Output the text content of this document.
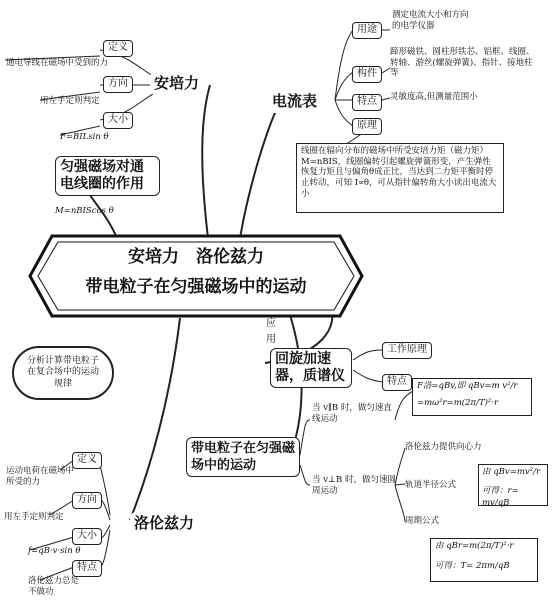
安培力　洛伦兹力
带电粒子在匀强磁场中的运动
安培力
定义
通电导线在磁场中受到的力
方向
用左手定则判定
大小
F=BILsin θ
匀强磁场对通电线圈的作用
M=nBIScos θ
电流表
用途
测定电流大小和方向的电学仪器
构件
蹄形磁铁、圆柱形铁芯、铝框、线圈、转轴、游丝(螺旋弹簧)、指针、接地柱等
特点	灵敏度高,但测量范围小
原理
线圈在辐向分布的磁场中所受安培力矩（磁力矩）M=nBIS，线圈偏转引起螺旋弹簧形变，产生弹性恢复力矩且与偏角θ成正比，当达到二力矩平衡时停止转动，可知 I∝θ，可从指针偏转角大小读出电流大小
应用
回旋加速器，质谱仪
工作原理
特点
分析计算带电粒子在复合场中的运动规律
带电粒子在匀强磁场中的运动
当 v∥B 时，做匀速直线运动
当 v⊥B 时，做匀速圆周运动
F洛=qBv,即 qBv=m v²/r
=mω²r=m(2π/T)²·r
洛伦兹力提供向心力
轨道半径公式
由 qBv=mv²/r
可得：r= mv/qB
周期公式
由 qBr=m(2π/T)²·r
可得：T= 2πm/qB
洛伦兹力
定义
运动电荷在磁场中所受的力
方向
用左手定则判定
大小
f=qB·v·sin θ
特点
洛伦兹力总是不做功
